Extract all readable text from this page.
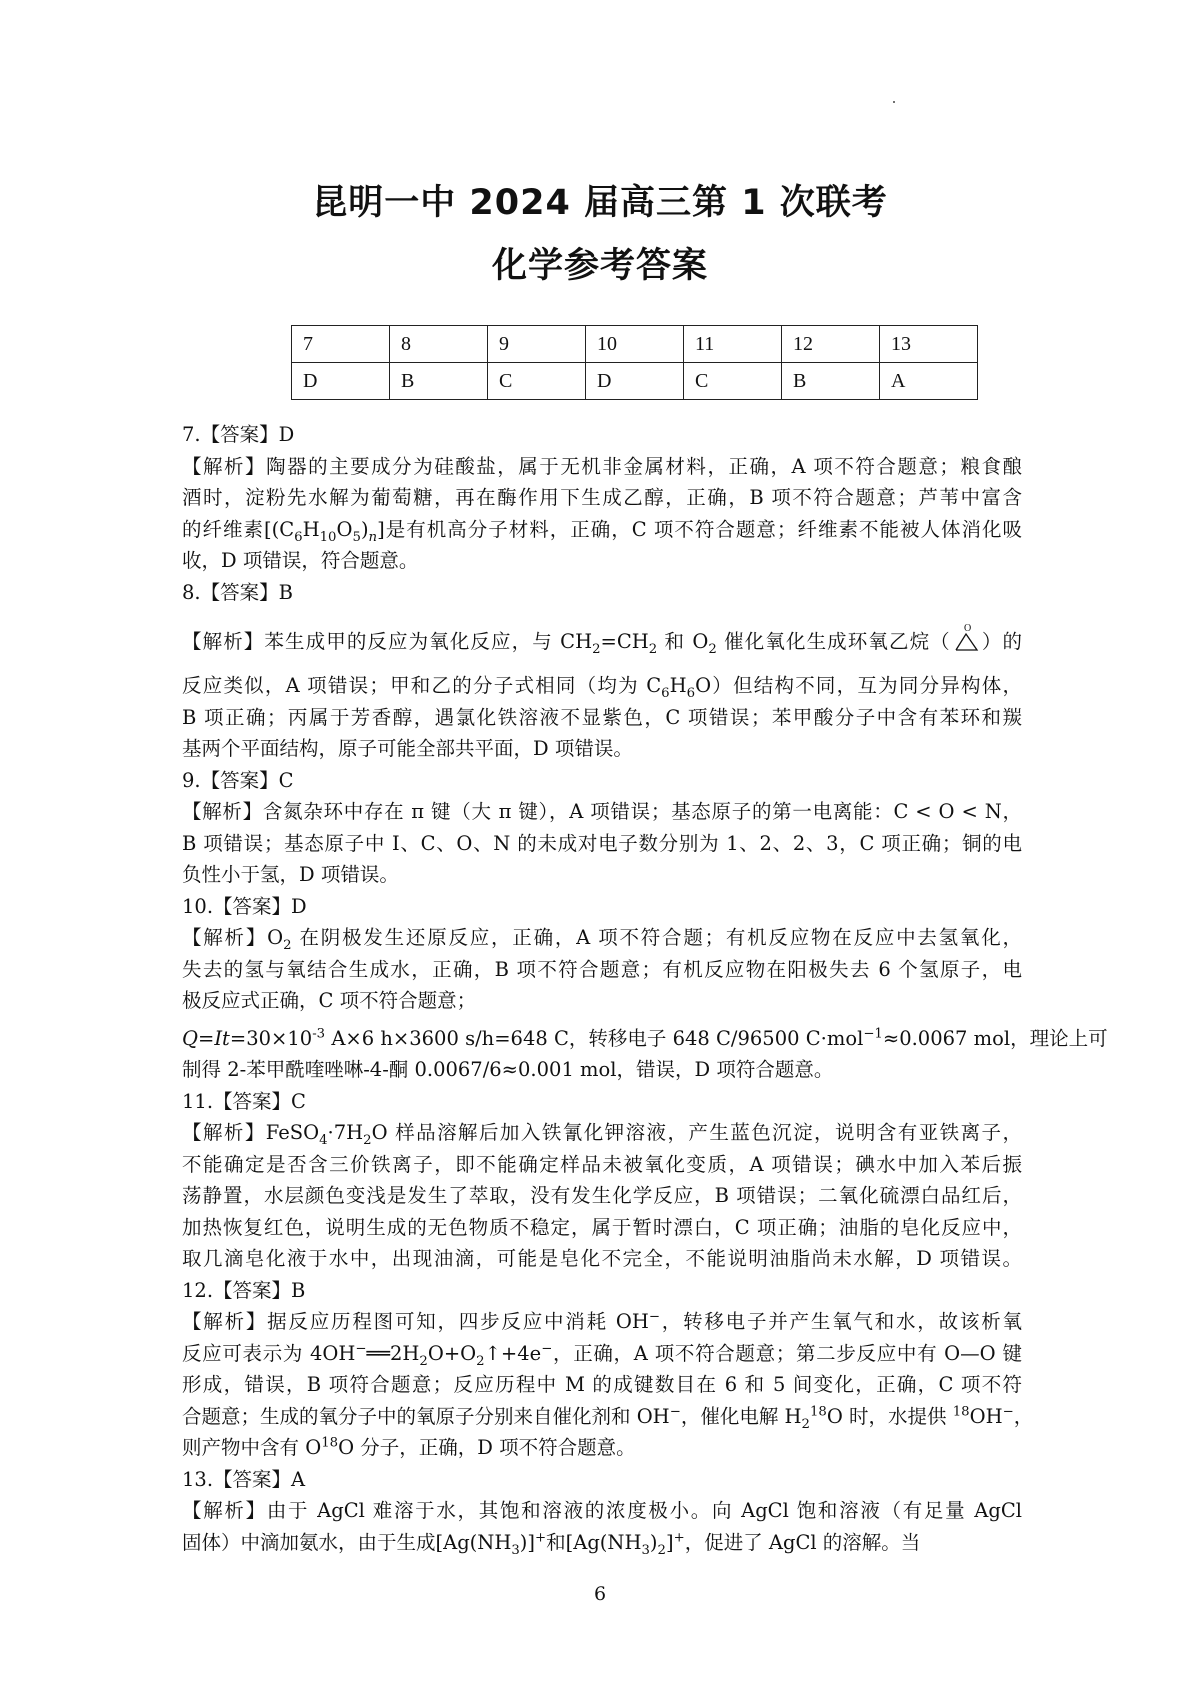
昆明一中 2024 届高三第 1 次联考
化学参考答案
7	8	9	10	11	12	13
D	B	C	D	C	B	A
7.【答案】D
【解析】陶器的主要成分为硅酸盐，属于无机非金属材料，正确，A 项不符合题意；粮食酿
酒时，淀粉先水解为葡萄糖，再在酶作用下生成乙醇，正确，B 项不符合题意；芦苇中富含
的纤维素$[(C_6H_{10}O_5)_n]$是有机高分子材料，正确，C 项不符合题意；纤维素不能被人体消化吸
收，D 项错误，符合题意。
8.【答案】B
【解析】苯生成甲的反应为氧化反应，与 $CH_2=CH_2$ 和 $O_2$ 催化氧化生成环氧乙烷（
O
）的
反应类似，A 项错误；甲和乙的分子式相同（均为 $C_6H_6O$）但结构不同，互为同分异构体，
B 项正确；丙属于芳香醇，遇氯化铁溶液不显紫色，C 项错误；苯甲酸分子中含有苯环和羰
基两个平面结构，原子可能全部共平面，D 项错误。
9.【答案】C
【解析】含氮杂环中存在 π 键（大 π 键），A 项错误；基态原子的第一电离能：C < O < N，
B 项错误；基态原子中 I、C、O、N 的未成对电子数分别为 1、2、2、3，C 项正确；铜的电
负性小于氢，D 项错误。
10.【答案】D
【解析】$O_2$ 在阴极发生还原反应，正确，A 项不符合题；有机反应物在反应中去氢氧化，
失去的氢与氧结合生成水，正确，B 项不符合题意；有机反应物在阳极失去 6 个氢原子，电
极反应式正确，C 项不符合题意；
$Q=It=30\times 10^{-3}$ A×6 h×3600 s/h=648 C，转移电子 648 C/96500 C·mol$^{-1}$≈0.0067 mol，理论上可
制得 2-苯甲酰喹唑啉-4-酮 0.0067/6≈0.001 mol，错误，D 项符合题意。
11.【答案】C
【解析】$FeSO_4\cdot 7H_2O$ 样品溶解后加入铁氰化钾溶液，产生蓝色沉淀，说明含有亚铁离子，
不能确定是否含三价铁离子，即不能确定样品未被氧化变质，A 项错误；碘水中加入苯后振
荡静置，水层颜色变浅是发生了萃取，没有发生化学反应，B 项错误；二氧化硫漂白品红后，
加热恢复红色，说明生成的无色物质不稳定，属于暂时漂白，C 项正确；油脂的皂化反应中，
取几滴皂化液于水中，出现油滴，可能是皂化不完全，不能说明油脂尚未水解，D 项错误。
12.【答案】B
【解析】据反应历程图可知，四步反应中消耗 OH−，转移电子并产生氧气和水，故该析氧
反应可表示为 $4OH^-══2H_2O+O_2↑+4e^-$，正确，A 项不符合题意；第二步反应中有 O—O 键
形成，错误，B 项符合题意；反应历程中 M 的成键数目在 6 和 5 间变化，正确，C 项不符
合题意；生成的氧分子中的氧原子分别来自催化剂和 OH−，催化电解 $H_2^{18}O$ 时，水提供 $^{18}$OH−，
则产物中含有 $O^{18}O$ 分子，正确，D 项不符合题意。
13.【答案】A
【解析】由于 AgCl 难溶于水，其饱和溶液的浓度极小。向 AgCl 饱和溶液（有足量 AgCl
固体）中滴加氨水，由于生成$[Ag(NH_3)]^+$和$[Ag(NH_3)_2]^+$，促进了 AgCl 的溶解。当
6
